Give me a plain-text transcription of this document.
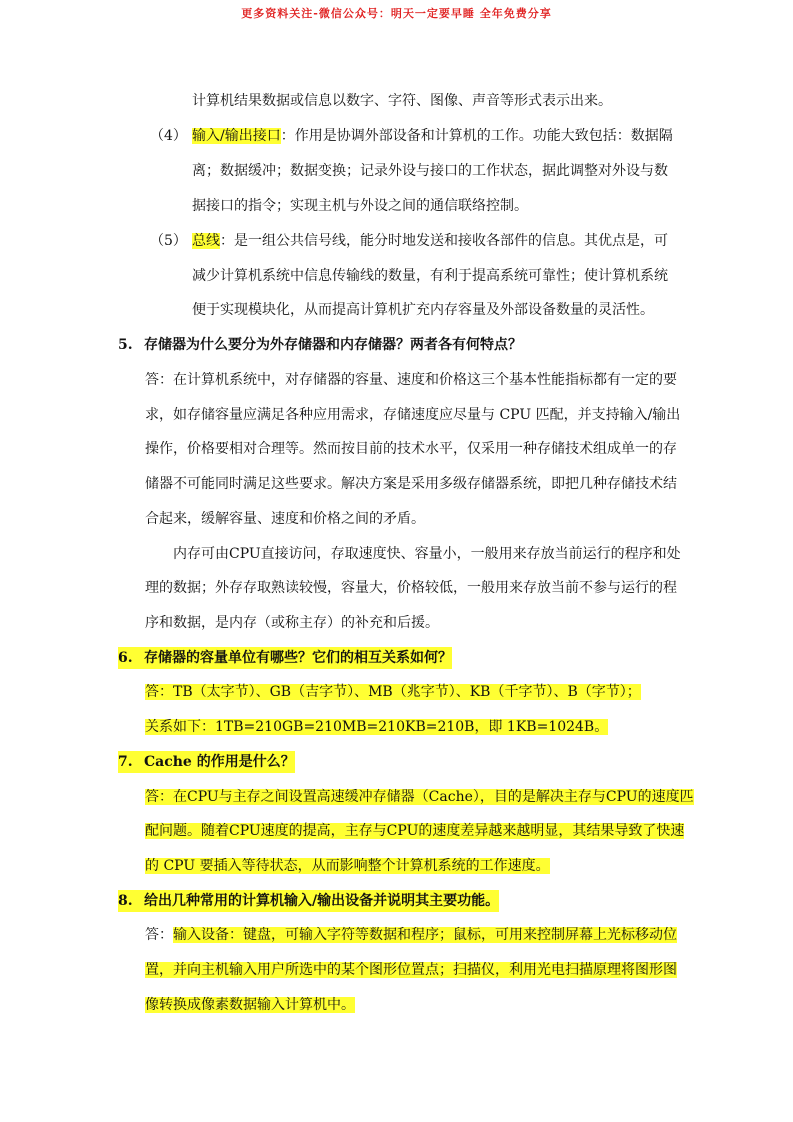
更多资料关注-微信公众号：明天一定要早睡 全年免费分享
计算机结果数据或信息以数字、字符、图像、声音等形式表示出来。
（4） 输入/输出接口：作用是协调外部设备和计算机的工作。功能大致包括：数据隔
离；数据缓冲；数据变换；记录外设与接口的工作状态，据此调整对外设与数
据接口的指令；实现主机与外设之间的通信联络控制。
（5） 总线：是一组公共信号线，能分时地发送和接收各部件的信息。其优点是，可
减少计算机系统中信息传输线的数量，有利于提高系统可靠性；使计算机系统
便于实现模块化，从而提高计算机扩充内存容量及外部设备数量的灵活性。
5. 存储器为什么要分为外存储器和内存储器？两者各有何特点？
答：在计算机系统中，对存储器的容量、速度和价格这三个基本性能指标都有一定的要
求，如存储容量应满足各种应用需求，存储速度应尽量与 CPU 匹配，并支持输入/输出
操作，价格要相对合理等。然而按目前的技术水平，仅采用一种存储技术组成单一的存
储器不可能同时满足这些要求。解决方案是采用多级存储器系统，即把几种存储技术结
合起来，缓解容量、速度和价格之间的矛盾。
内存可由CPU直接访问，存取速度快、容量小，一般用来存放当前运行的程序和处
理的数据；外存存取熟读较慢，容量大，价格较低，一般用来存放当前不参与运行的程
序和数据，是内存（或称主存）的补充和后援。
6. 存储器的容量单位有哪些？它们的相互关系如何？
答：TB（太字节）、GB（吉字节）、MB（兆字节）、KB（千字节）、B（字节）；
关系如下：1TB=210GB=210MB=210KB=210B，即 1KB=1024B。
7. Cache 的作用是什么？
答：在CPU与主存之间设置高速缓冲存储器（Cache），目的是解决主存与CPU的速度匹
配问题。随着CPU速度的提高，主存与CPU的速度差异越来越明显，其结果导致了快速
的 CPU 要插入等待状态，从而影响整个计算机系统的工作速度。
8. 给出几种常用的计算机输入/输出设备并说明其主要功能。
答：输入设备：键盘，可输入字符等数据和程序；鼠标，可用来控制屏幕上光标移动位
置，并向主机输入用户所选中的某个图形位置点；扫描仪，利用光电扫描原理将图形图
像转换成像素数据输入计算机中。
